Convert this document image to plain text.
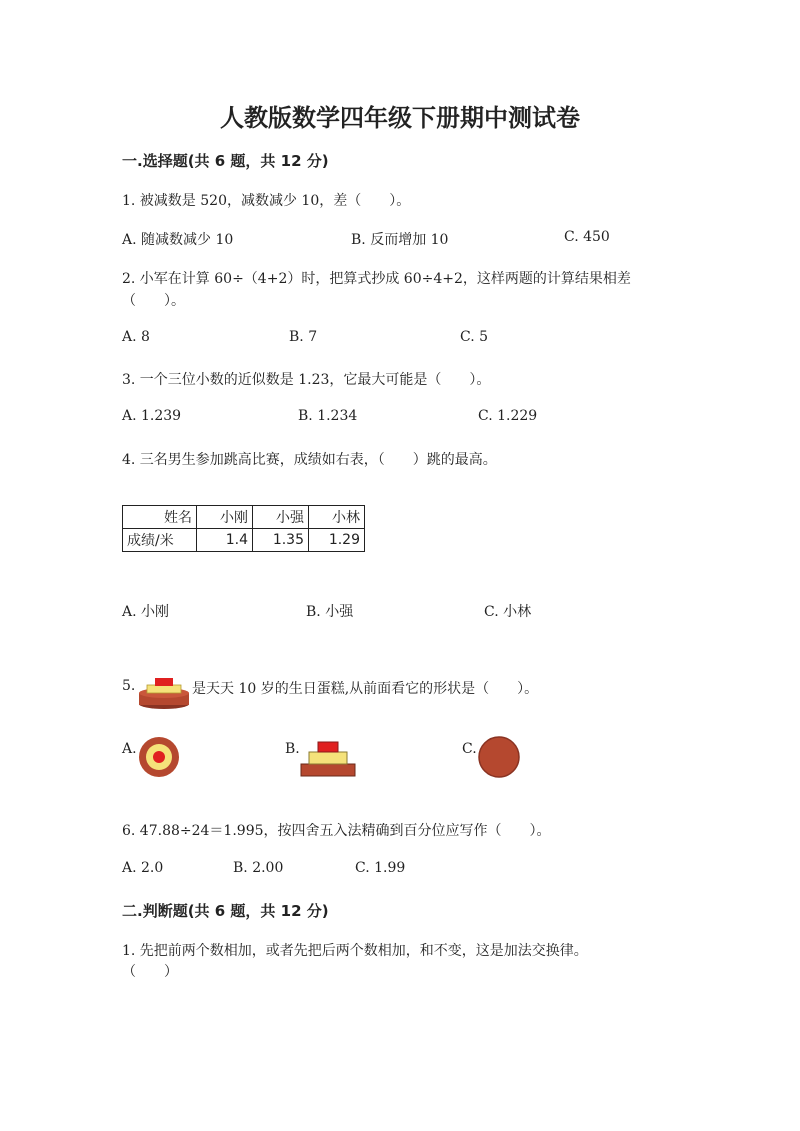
人教版数学四年级下册期中测试卷
一.选择题(共 6 题，共 12 分)
1. 被减数是 520，减数减少 10，差（　　）。
A. 随减数减少 10	B. 反而增加 10	C. 450
2. 小军在计算 60÷（4+2）时，把算式抄成 60÷4+2，这样两题的计算结果相差
（　　）。
A. 8	B. 7	C. 5
3. 一个三位小数的近似数是 1.23，它最大可能是（　　）。
A. 1.239	B. 1.234	C. 1.229
4. 三名男生参加跳高比赛，成绩如右表，（　　）跳的最高。
姓名	小刚	小强	小林
成绩/米	1.4	1.35	1.29
A. 小刚	B. 小强	C. 小林
5.	是天天 10 岁的生日蛋糕,从前面看它的形状是（　　）。
A.	B.	C.
6. 47.88÷24＝1.995，按四舍五入法精确到百分位应写作（　　）。
A. 2.0	B. 2.00	C. 1.99
二.判断题(共 6 题，共 12 分)
1. 先把前两个数相加，或者先把后两个数相加，和不变，这是加法交换律。
（　　）
